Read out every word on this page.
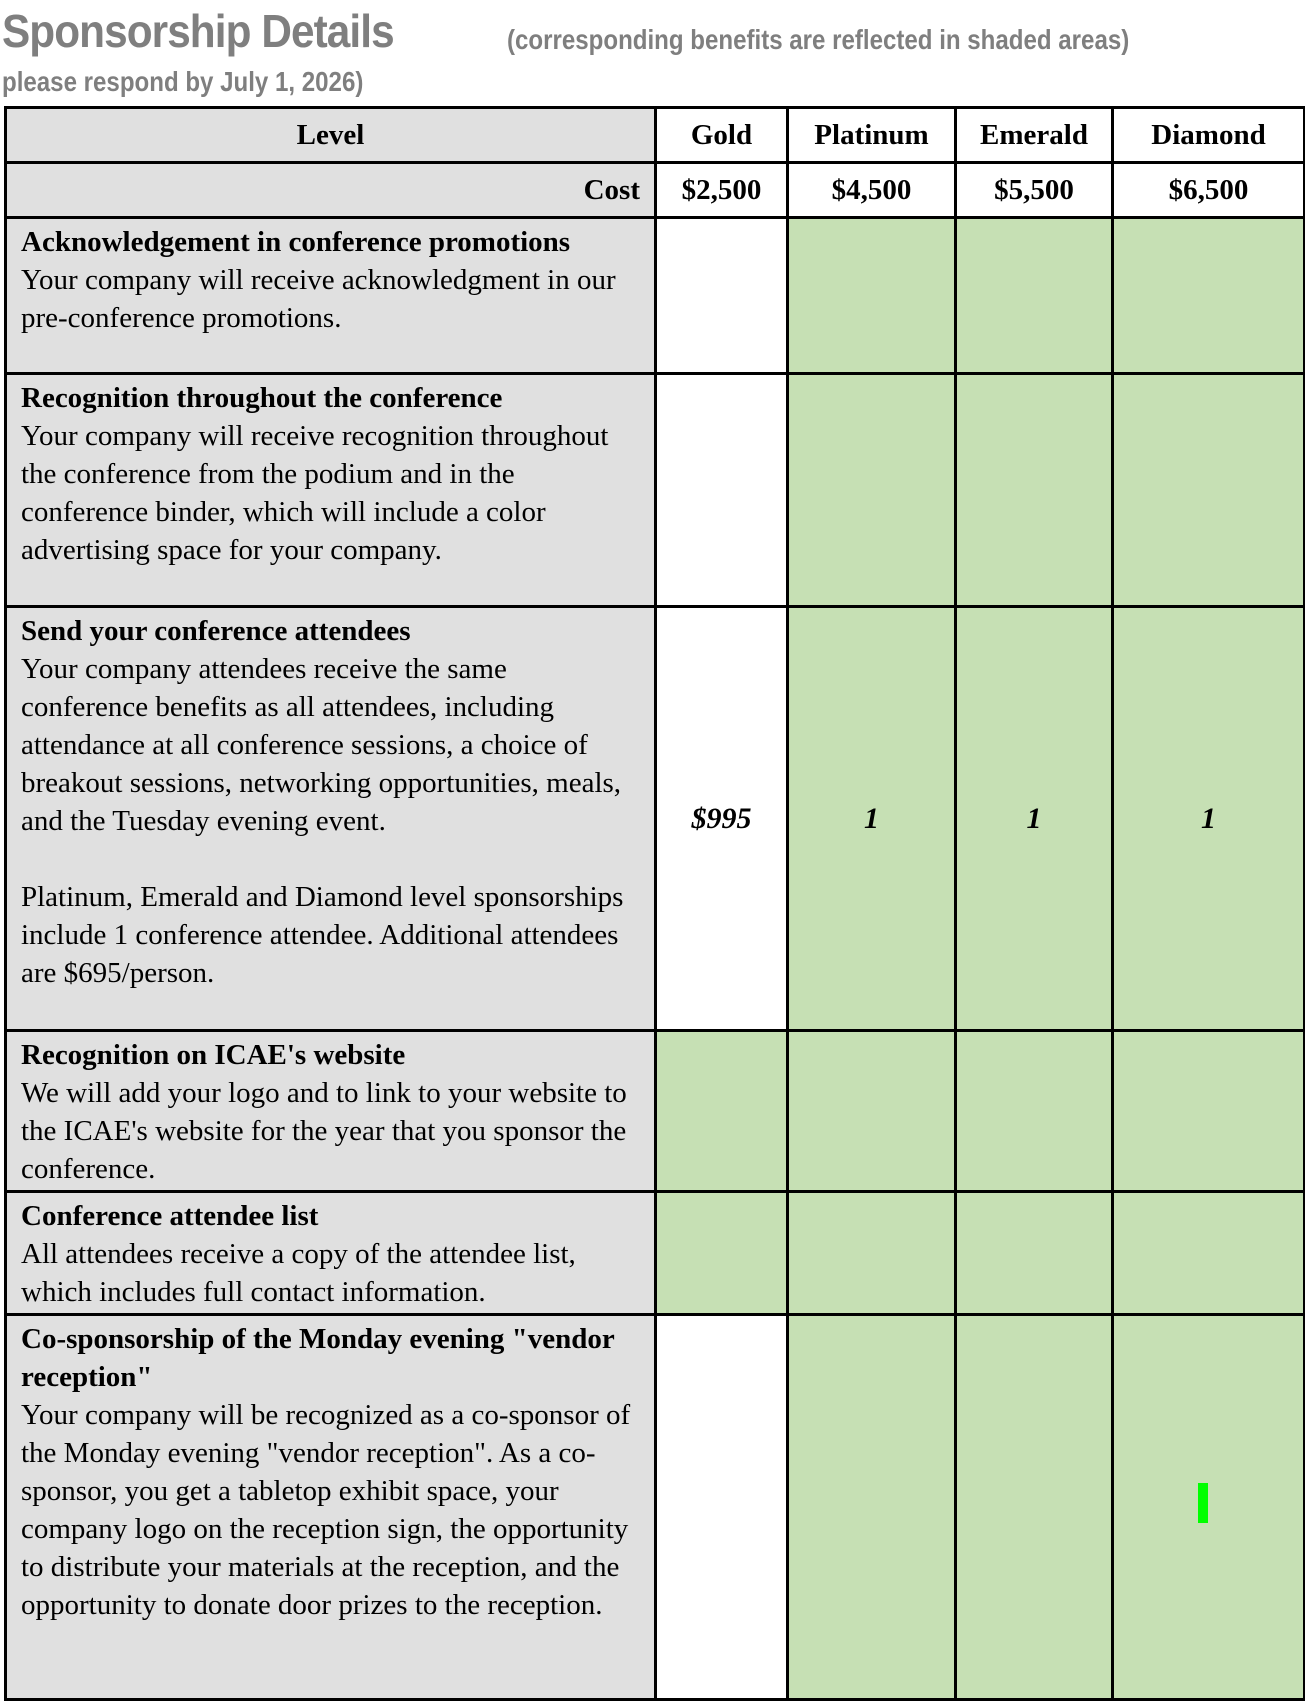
Sponsorship Details	(corresponding benefits are reflected in shaded areas)
please respond by July 1, 2026)
Level	Gold	Platinum	Emerald	Diamond
Cost	$2,500	$4,500	$5,500	$6,500

Acknowledgement in conference promotions
Your company will receive acknowledgment in our pre-conference promotions.				

Recognition throughout the conference
Your company will receive recognition throughout the conference from the podium and in the conference binder, which will include a color advertising space for your company.				

Send your conference attendees
Your company attendees receive the same conference benefits as all attendees, including attendance at all conference sessions, a choice of breakout sessions, networking opportunities, meals, and the Tuesday evening event.
Platinum, Emerald and Diamond level sponsorships include 1 conference attendee. Additional attendees are $695/person.	$995	1	1	1

Recognition on ICAE's website
We will add your logo and to link to your website to the ICAE's website for the year that you sponsor the conference.				

Conference attendee list
All attendees receive a copy of the attendee list, which includes full contact information.				

Co-sponsorship of the Monday evening "vendor reception"
Your company will be recognized as a co-sponsor of the Monday evening "vendor reception". As a co-sponsor, you get a tabletop exhibit space, your company logo on the reception sign, the opportunity to distribute your materials at the reception, and the opportunity to donate door prizes to the reception.				
